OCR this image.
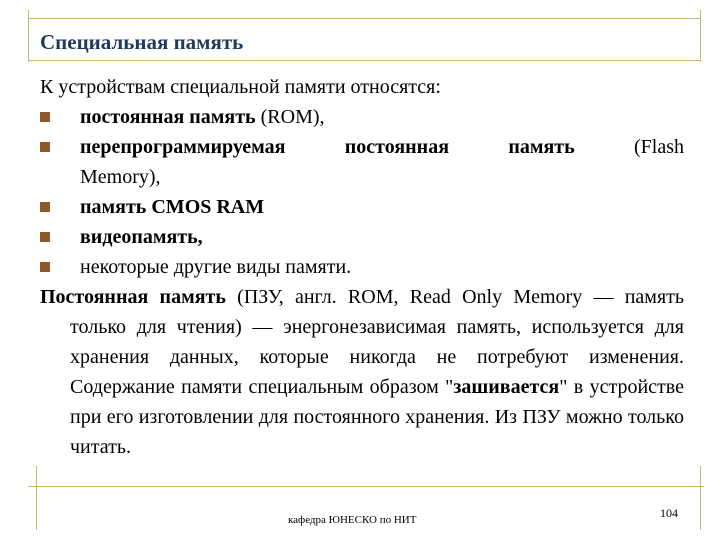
Специальная память
К устройствам специальной памяти относятся:
постоянная память (ROM),
перепрограммируемая	постоянная	память	(Flash
Memory),
память CMOS RAM
видеопамять,
некоторые другие виды памяти.
Постоянная память (ПЗУ, англ. ROM, Read Only Memory — память только для чтения) — энергонезависимая память, используется для хранения данных, которые никогда не потребуют изменения. Содержание памяти специальным образом "зашивается" в устройстве при его изготовлении для постоянного хранения. Из ПЗУ можно только читать.
кафедра ЮНЕСКО по НИТ	104
